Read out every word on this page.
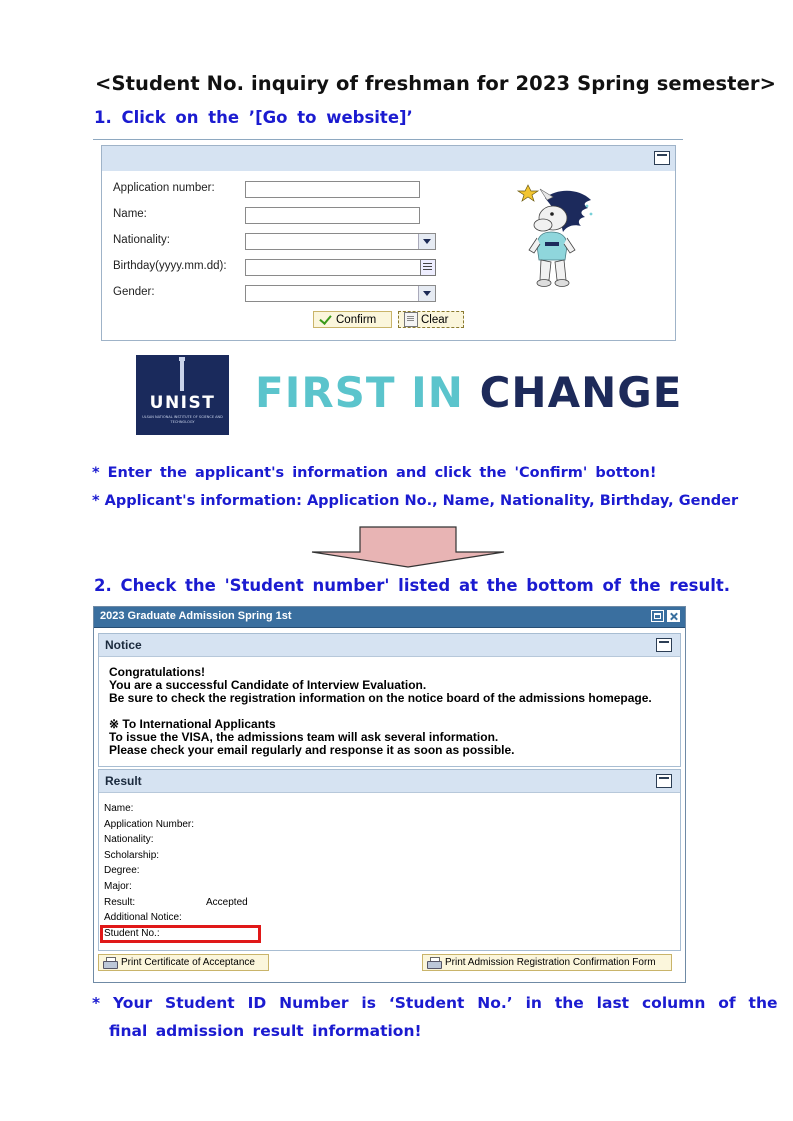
<Student No. inquiry of freshman for 2023 Spring semester>
1. Click on the ’[Go to website]’
Application number:
Name:
Nationality:
Birthday(yyyy.mm.dd):
Gender:
Confirm	Clear
UNIST
ULSAN NATIONAL INSTITUTE OF SCIENCE AND TECHNOLOGY
FIRST IN CHANGE
* Enter the applicant's information and click the 'Confirm' botton!
* Applicant's information: Application No., Name, Nationality, Birthday, Gender
2. Check the 'Student number' listed at the bottom of the result.
2023 Graduate Admission Spring 1st
Notice
Congratulations!
You are a successful Candidate of Interview Evaluation.
Be sure to check the registration information on the notice board of the admissions homepage.
※ To International Applicants
To issue the VISA, the admissions team will ask several information.
Please check your email regularly and response it as soon as possible.
Result
Name:
Application Number:
Nationality:
Scholarship:
Degree:
Major:
Result:	Accepted
Additional Notice:
Student No.:
Print Certificate of Acceptance	Print Admission Registration Confirmation Form
* Your Student ID Number is ‘Student No.’ in the last column of the
final admission result information!
